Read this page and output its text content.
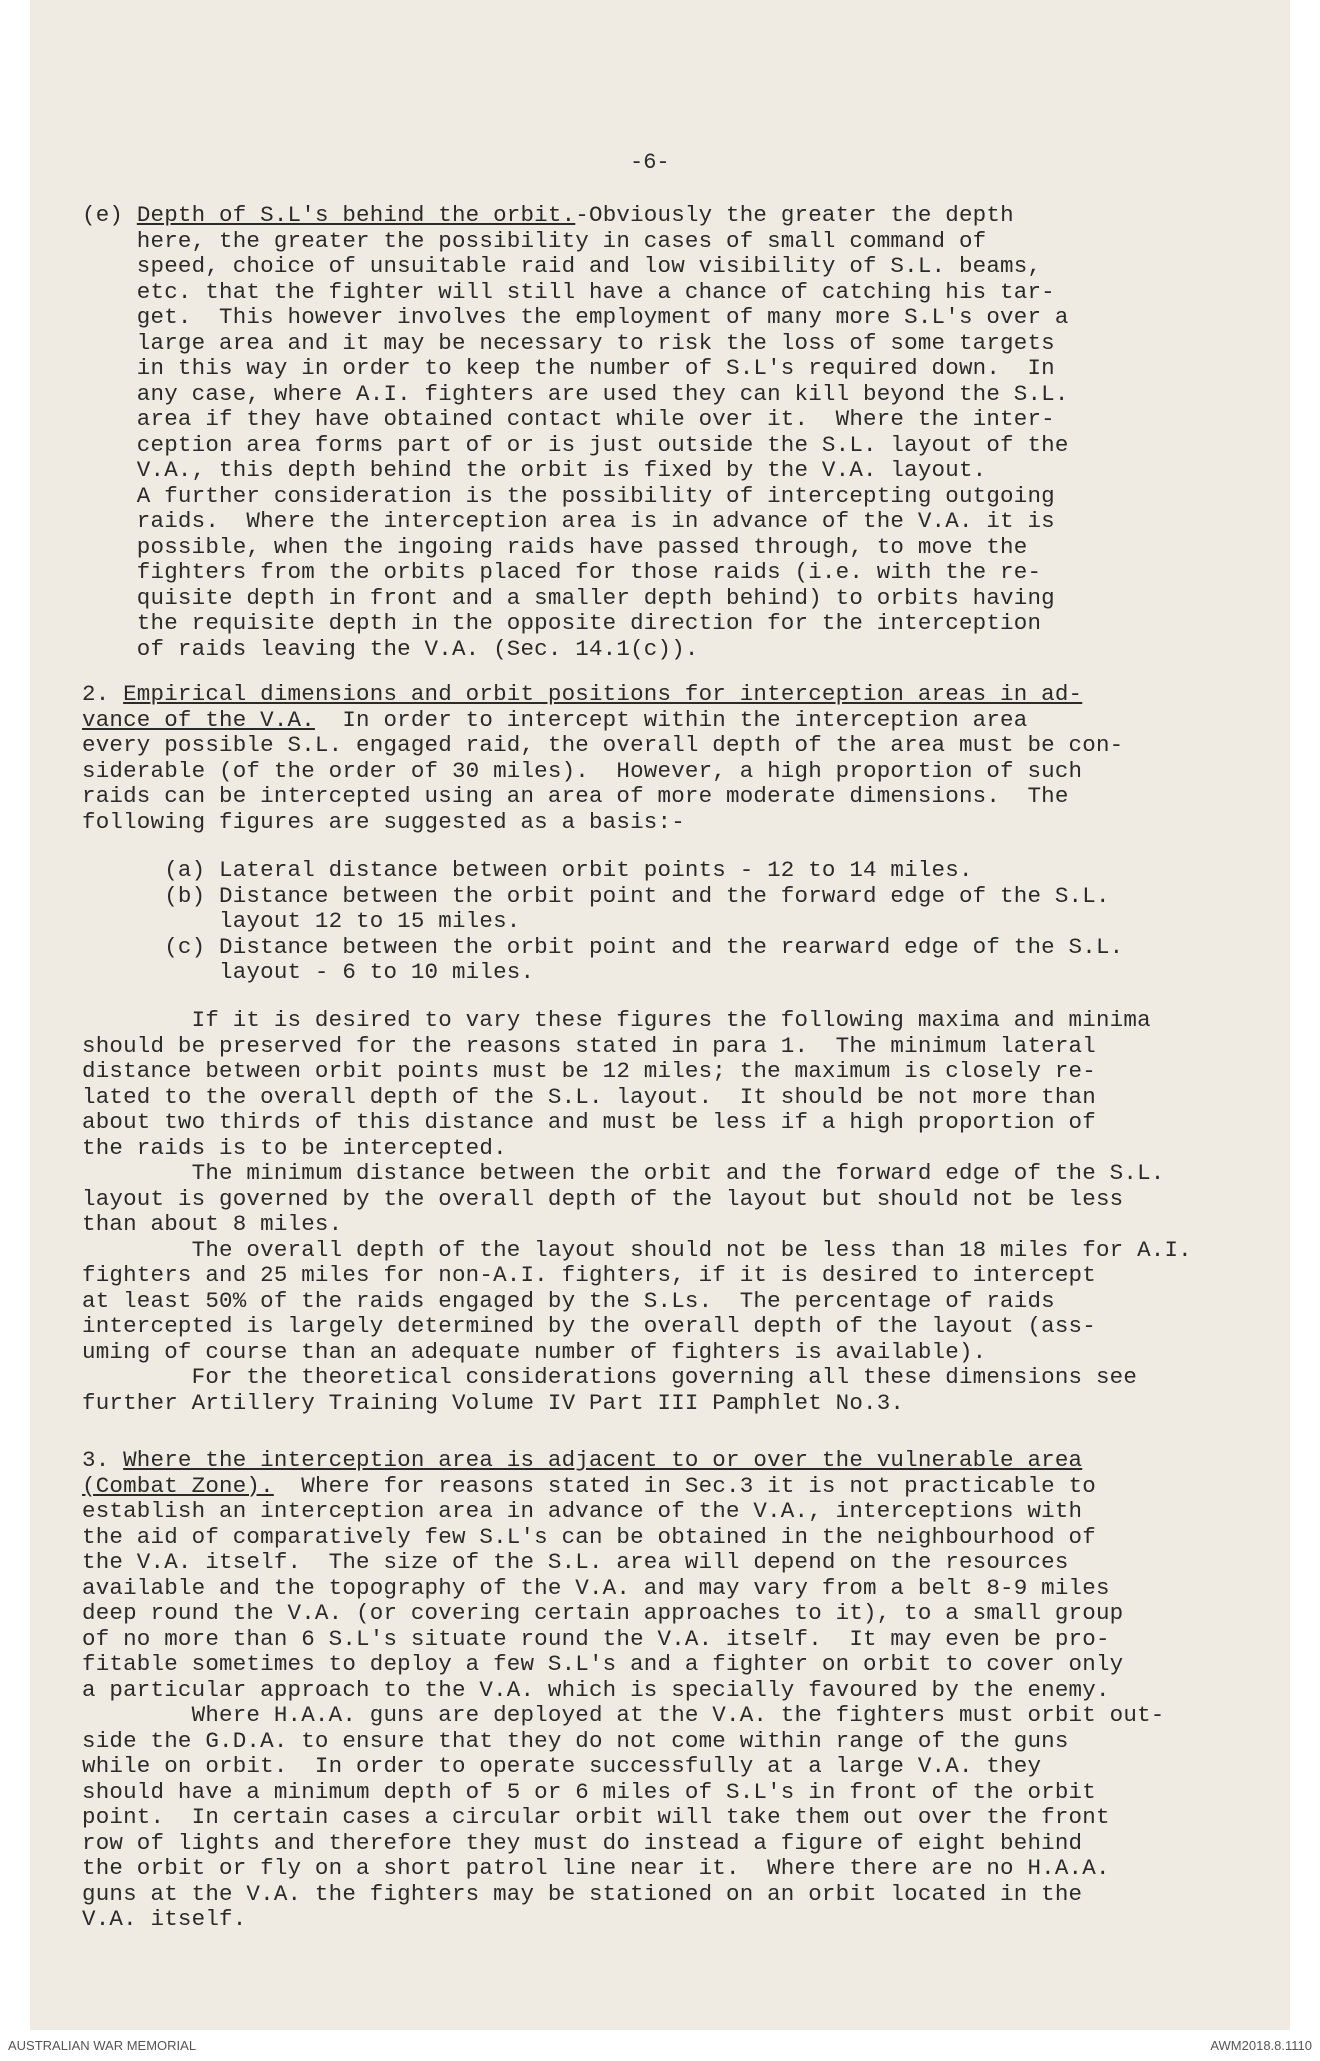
-6-
(e) Depth of S.L's behind the orbit.-Obviously the greater the depth
here, the greater the possibility in cases of small command of
speed, choice of unsuitable raid and low visibility of S.L. beams,
etc. that the fighter will still have a chance of catching his tar-
get.  This however involves the employment of many more S.L's over a
large area and it may be necessary to risk the loss of some targets
in this way in order to keep the number of S.L's required down.  In
any case, where A.I. fighters are used they can kill beyond the S.L.
area if they have obtained contact while over it.  Where the inter-
ception area forms part of or is just outside the S.L. layout of the
V.A., this depth behind the orbit is fixed by the V.A. layout.
A further consideration is the possibility of intercepting outgoing
raids.  Where the interception area is in advance of the V.A. it is
possible, when the ingoing raids have passed through, to move the
fighters from the orbits placed for those raids (i.e. with the re-
quisite depth in front and a smaller depth behind) to orbits having
the requisite depth in the opposite direction for the interception
of raids leaving the V.A. (Sec. 14.1(c)).
2. Empirical dimensions and orbit positions for interception areas in ad-
vance of the V.A.  In order to intercept within the interception area
every possible S.L. engaged raid, the overall depth of the area must be con-
siderable (of the order of 30 miles).  However, a high proportion of such
raids can be intercepted using an area of more moderate dimensions.  The
following figures are suggested as a basis:-
(a) Lateral distance between orbit points - 12 to 14 miles.
(b) Distance between the orbit point and the forward edge of the S.L.
layout 12 to 15 miles.
(c) Distance between the orbit point and the rearward edge of the S.L.
layout - 6 to 10 miles.
If it is desired to vary these figures the following maxima and minima
should be preserved for the reasons stated in para 1.  The minimum lateral
distance between orbit points must be 12 miles; the maximum is closely re-
lated to the overall depth of the S.L. layout.  It should be not more than
about two thirds of this distance and must be less if a high proportion of
the raids is to be intercepted.
The minimum distance between the orbit and the forward edge of the S.L.
layout is governed by the overall depth of the layout but should not be less
than about 8 miles.
The overall depth of the layout should not be less than 18 miles for A.I.
fighters and 25 miles for non-A.I. fighters, if it is desired to intercept
at least 50% of the raids engaged by the S.Ls.  The percentage of raids
intercepted is largely determined by the overall depth of the layout (ass-
uming of course than an adequate number of fighters is available).
For the theoretical considerations governing all these dimensions see
further Artillery Training Volume IV Part III Pamphlet No.3.
3. Where the interception area is adjacent to or over the vulnerable area
(Combat Zone).  Where for reasons stated in Sec.3 it is not practicable to
establish an interception area in advance of the V.A., interceptions with
the aid of comparatively few S.L's can be obtained in the neighbourhood of
the V.A. itself.  The size of the S.L. area will depend on the resources
available and the topography of the V.A. and may vary from a belt 8-9 miles
deep round the V.A. (or covering certain approaches to it), to a small group
of no more than 6 S.L's situate round the V.A. itself.  It may even be pro-
fitable sometimes to deploy a few S.L's and a fighter on orbit to cover only
a particular approach to the V.A. which is specially favoured by the enemy.
Where H.A.A. guns are deployed at the V.A. the fighters must orbit out-
side the G.D.A. to ensure that they do not come within range of the guns
while on orbit.  In order to operate successfully at a large V.A. they
should have a minimum depth of 5 or 6 miles of S.L's in front of the orbit
point.  In certain cases a circular orbit will take them out over the front
row of lights and therefore they must do instead a figure of eight behind
the orbit or fly on a short patrol line near it.  Where there are no H.A.A.
guns at the V.A. the fighters may be stationed on an orbit located in the
V.A. itself.
AUSTRALIAN WAR MEMORIAL	AWM2018.8.1110
